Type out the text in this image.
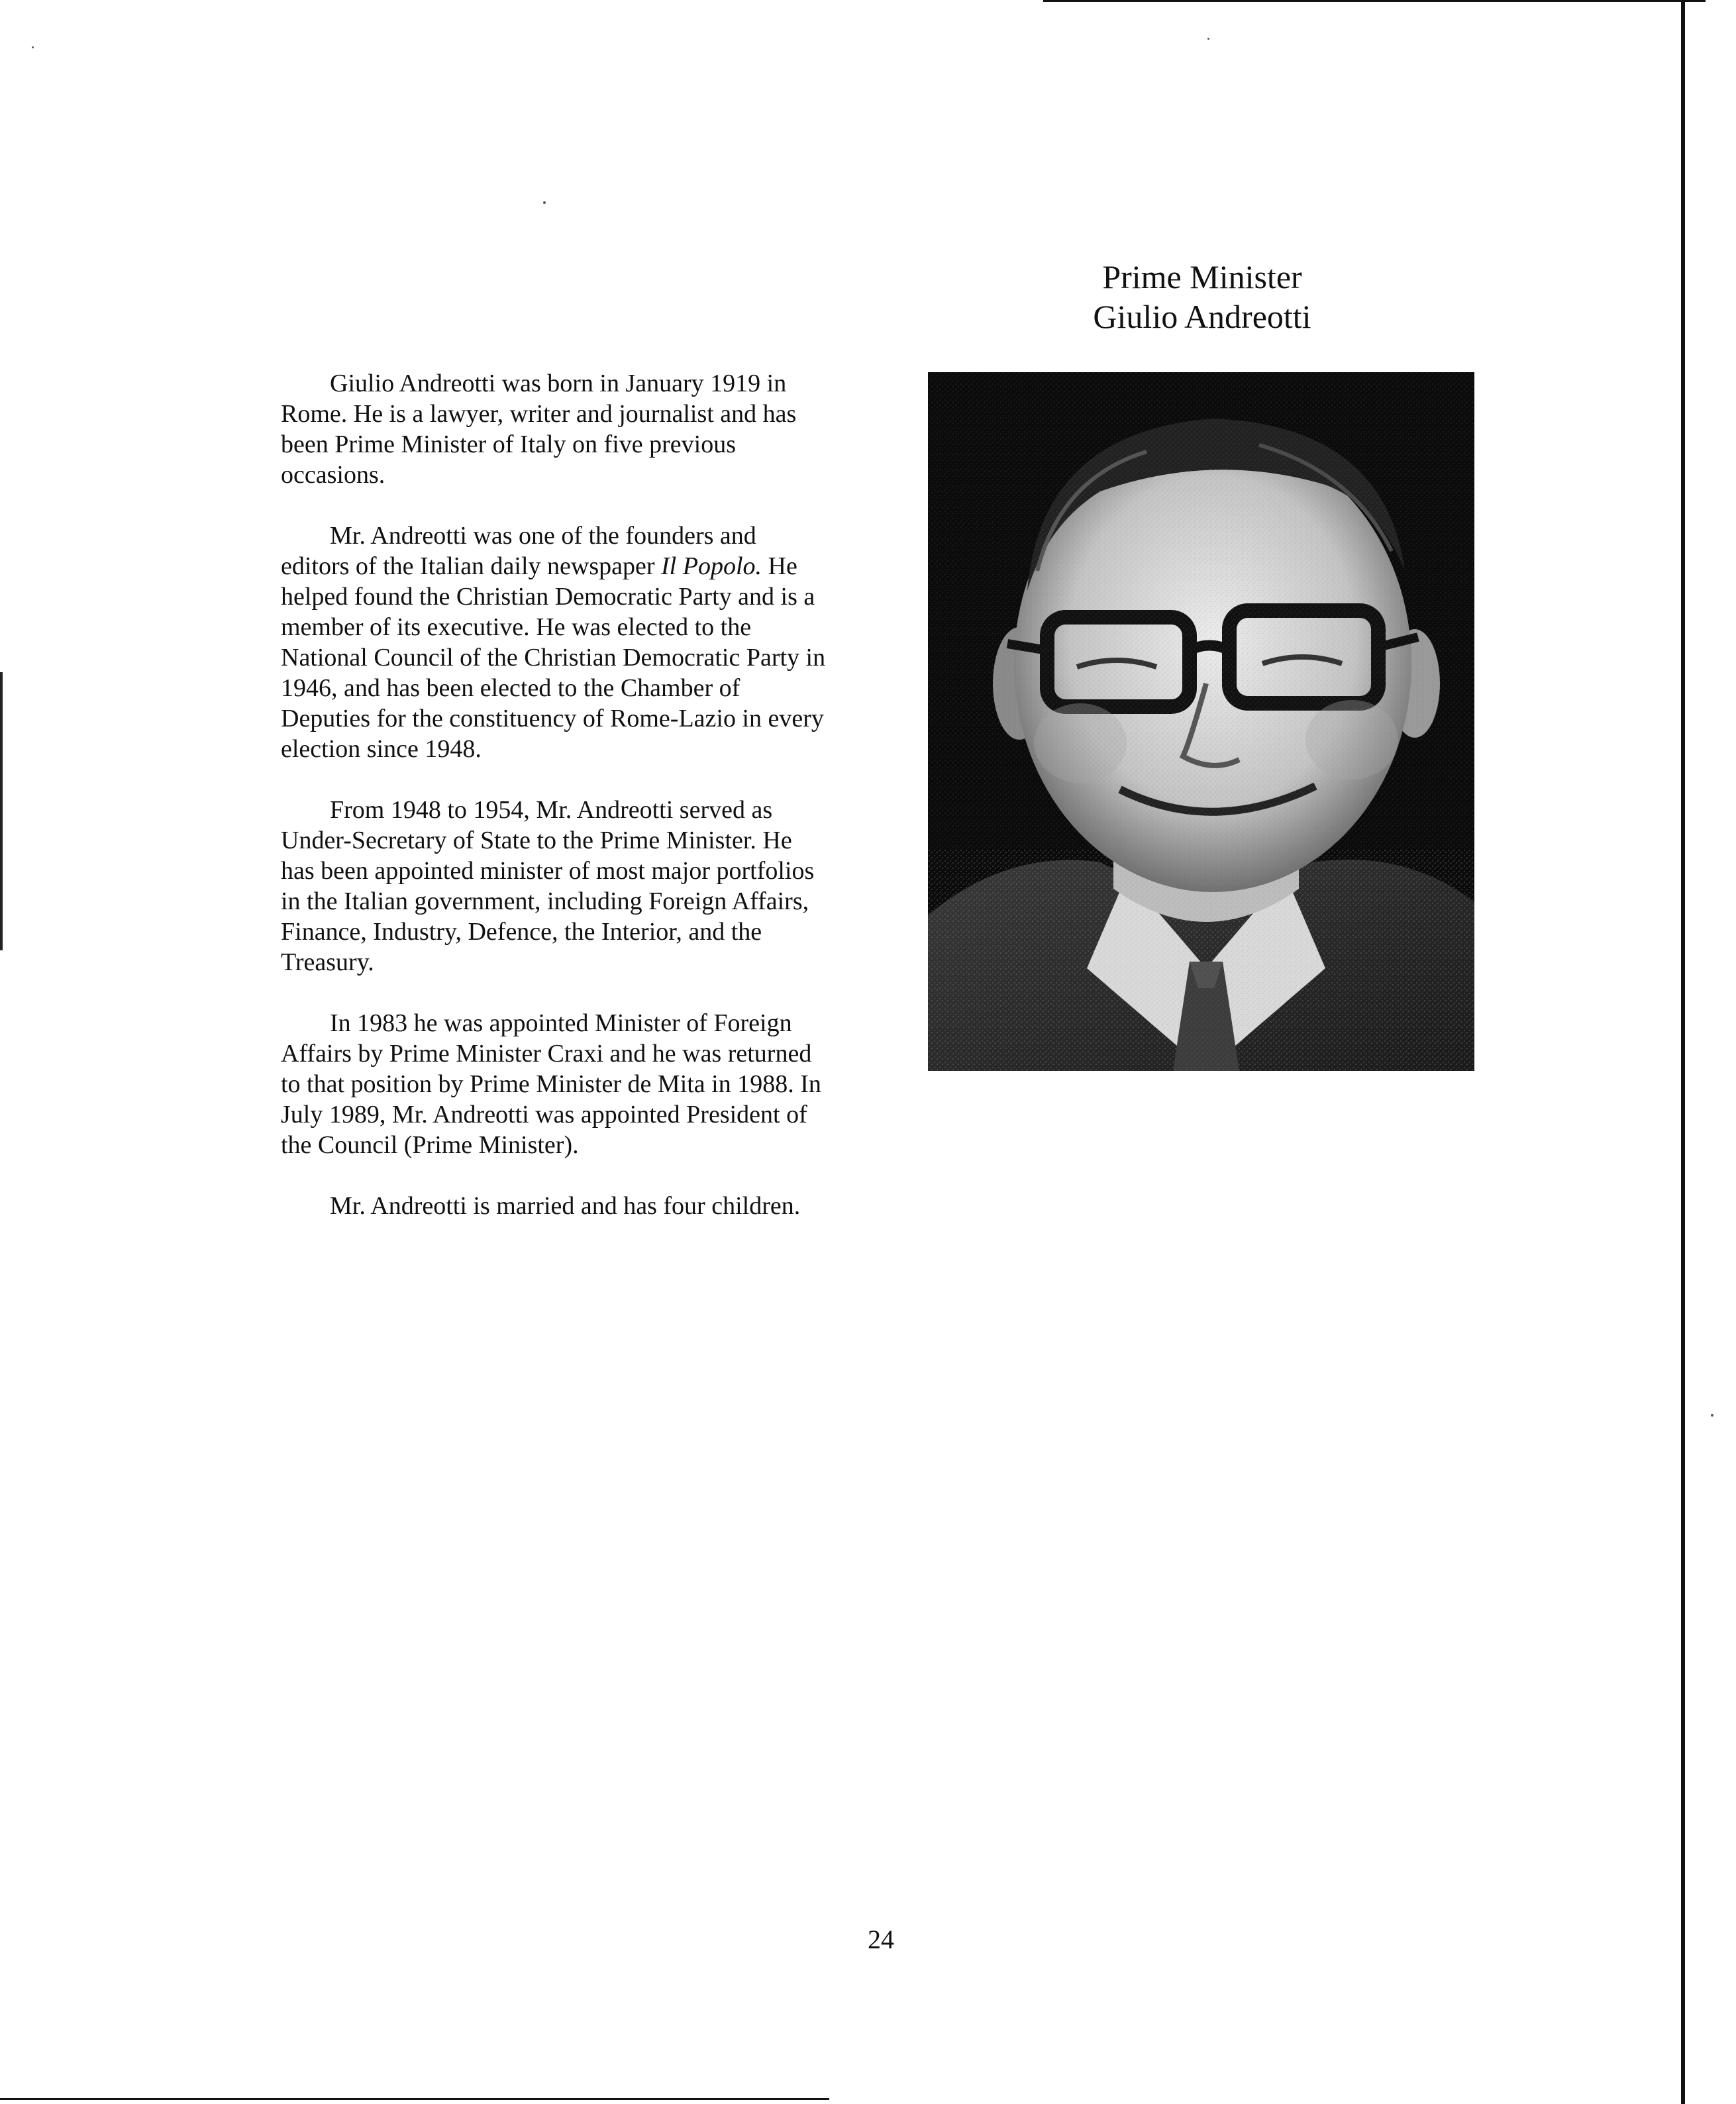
Prime Minister
Giulio Andreotti

Giulio Andreotti was born in January 1919 in Rome. He is a lawyer, writer and journalist and has been Prime Minister of Italy on five previous occasions.

Mr. Andreotti was one of the founders and editors of the Italian daily newspaper Il Popolo. He helped found the Christian Democratic Party and is a member of its executive. He was elected to the National Council of the Christian Democratic Party in 1946, and has been elected to the Chamber of Deputies for the constituency of Rome-Lazio in every election since 1948.

From 1948 to 1954, Mr. Andreotti served as Under-Secretary of State to the Prime Minister. He has been appointed minister of most major portfolios in the Italian government, including Foreign Affairs, Finance, Industry, Defence, the Interior, and the Treasury.

In 1983 he was appointed Minister of Foreign Affairs by Prime Minister Craxi and he was returned to that position by Prime Minister de Mita in 1988. In July 1989, Mr. Andreotti was appointed President of the Council (Prime Minister).

Mr. Andreotti is married and has four children.

24
